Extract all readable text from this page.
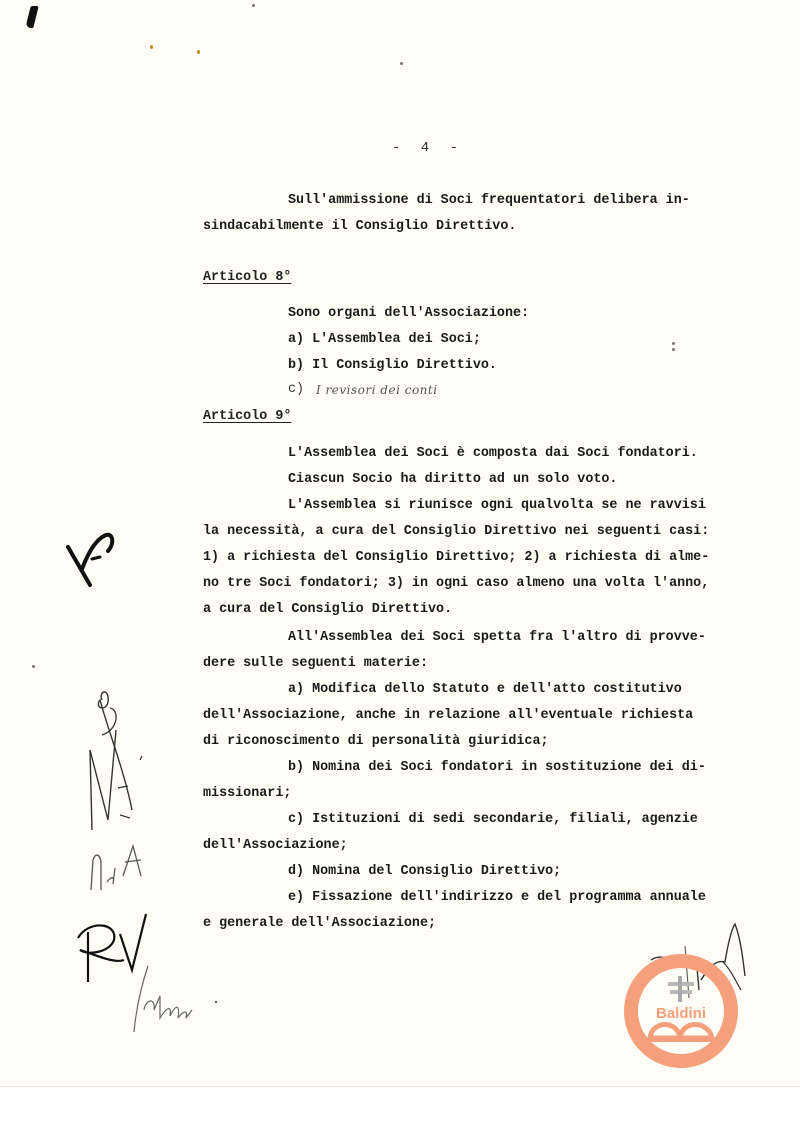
- 4 -
Sull'ammissione di Soci frequentatori delibera in-
sindacabilmente il Consiglio Direttivo.
Articolo 8°
Sono organi dell'Associazione:
a) L'Assemblea dei Soci;
b) Il Consiglio Direttivo.
c) I revisori dei conti
Articolo 9°
L'Assemblea dei Soci è composta dai Soci fondatori.
Ciascun Socio ha diritto ad un solo voto.
L'Assemblea si riunisce ogni qualvolta se ne ravvisi
la necessità, a cura del Consiglio Direttivo nei seguenti casi:
1) a richiesta del Consiglio Direttivo; 2) a richiesta di alme-
no tre Soci fondatori; 3) in ogni caso almeno una volta l'anno,
a cura del Consiglio Direttivo.
All'Assemblea dei Soci spetta fra l'altro di provve-
dere sulle seguenti materie:
a) Modifica dello Statuto e dell'atto costitutivo
dell'Associazione, anche in relazione all'eventuale richiesta
di riconoscimento di personalità giuridica;
b) Nomina dei Soci fondatori in sostituzione dei di-
missionari;
c) Istituzioni di sedi secondarie, filiali, agenzie
dell'Associazione;
d) Nomina del Consiglio Direttivo;
e) Fissazione dell'indirizzo e del programma annuale
e generale dell'Associazione;
Baldini
